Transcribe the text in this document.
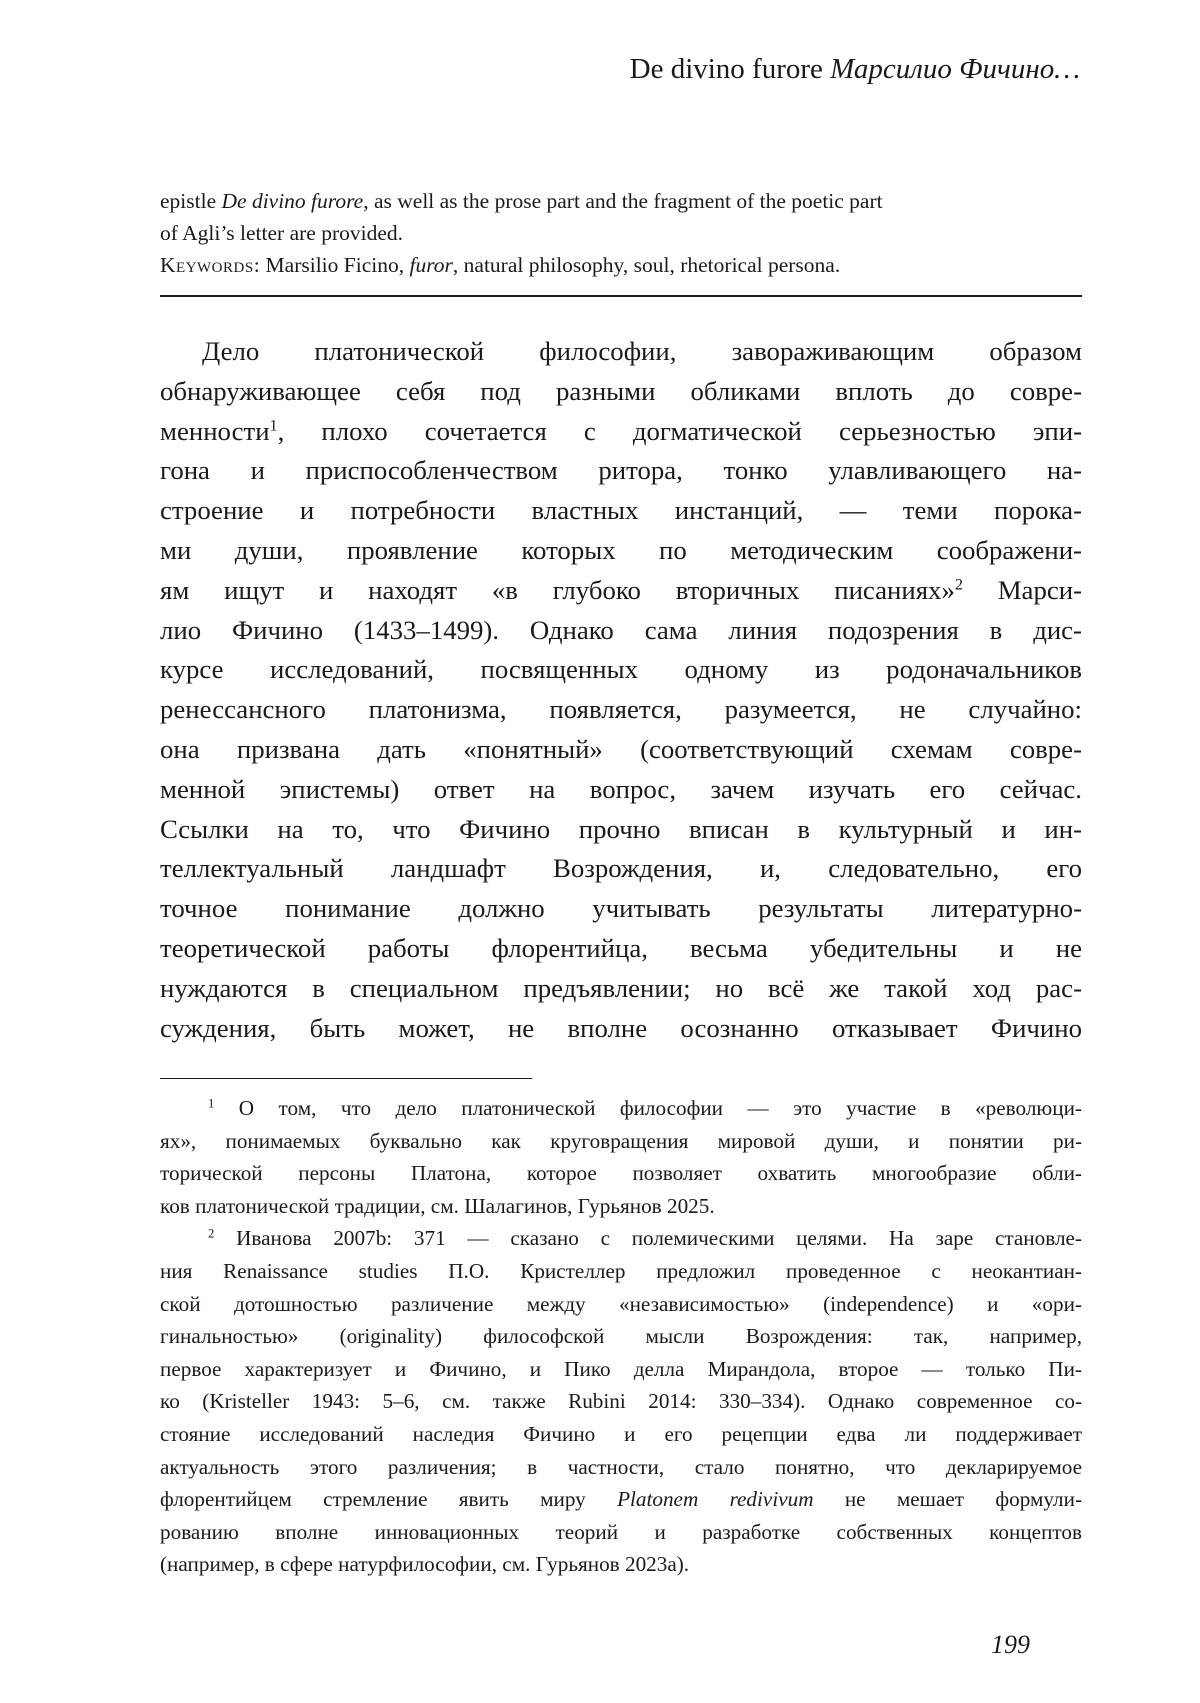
De divino furore Марсилио Фичино…

epistle De divino furore, as well as the prose part and the fragment of the poetic part

of Agli’s letter are provided.

Keywords: Marsilio Ficino, furor, natural philosophy, soul, rhetorical persona.

Дело платонической философии, завораживающим образом
обнаруживающее себя под разными обликами вплоть до совре-
менности$^1$, плохо сочетается с догматической серьезностью эпи-
гона и приспособленчеством ритора, тонко улавливающего на-
строение и потребности властных инстанций, — теми порока-
ми души, проявление которых по методическим соображени-
ям ищут и находят «в глубоко вторичных писаниях»$^2$ Марси-
лио Фичино (1433–1499). Однако сама линия подозрения в дис-
курсе исследований, посвященных одному из родоначальников
ренессансного платонизма, появляется, разумеется, не случайно:
она призвана дать «понятный» (соответствующий схемам совре-
менной эпистемы) ответ на вопрос, зачем изучать его сейчас.
Ссылки на то, что Фичино прочно вписан в культурный и ин-
теллектуальный ландшафт Возрождения, и, следовательно, его
точное понимание должно учитывать результаты литературно-
теоретической работы флорентийца, весьма убедительны и не
нуждаются в специальном предъявлении; но всё же такой ход рас-
суждения, быть может, не вполне осознанно отказывает Фичино
$^1$ О том, что дело платонической философии — это участие в «революци-
ях», понимаемых буквально как круговращения мировой души, и понятии ри-
торической персоны Платона, которое позволяет охватить многообразие обли-
ков платонической традиции, см. Шалагинов, Гурьянов 2025.
$^2$ Иванова 2007b: 371 — сказано с полемическими целями. На заре становле-
ния Renaissance studies П.О. Кристеллер предложил проведенное с неокантиан-
ской дотошностью различение между «независимостью» (independence) и «ори-
гинальностью» (originality) философской мысли Возрождения: так, например,
первое характеризует и Фичино, и Пико делла Мирандола, второе — только Пи-
ко (Kristeller 1943: 5–6, см. также Rubini 2014: 330–334). Однако современное со-
стояние исследований наследия Фичино и его рецепции едва ли поддерживает
актуальность этого различения; в частности, стало понятно, что декларируемое
флорентийцем стремление явить миру Platonem redivivum не мешает формули-
рованию вполне инновационных теорий и разработке собственных концептов
(например, в сфере натурфилософии, см. Гурьянов 2023a).
199
